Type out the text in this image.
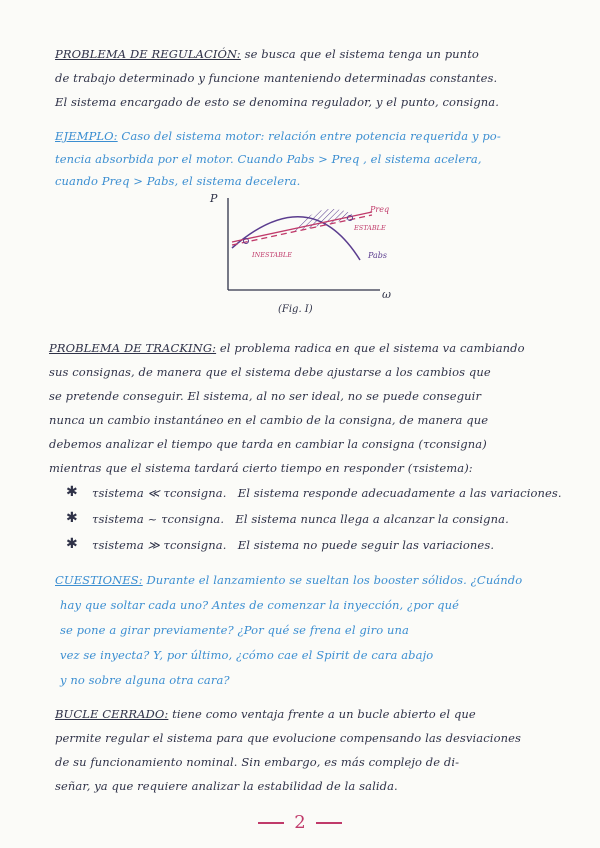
PROBLEMA DE REGULACIÓN: se busca que el sistema tenga un punto
de trabajo determinado y funcione manteniendo determinadas constantes.
El sistema encargado de esto se denomina regulador, y el punto, consigna.
EJEMPLO: Caso del sistema motor: relación entre potencia requerida y po-
tencia absorbida por el motor. Cuando Pabs > Preq , el sistema acelera,
cuando Preq > Pabs, el sistema decelera.
P
ω
Preq
ESTABLE
INESTABLE	Pabs
(Fig. I)
PROBLEMA DE TRACKING: el problema radica en que el sistema va cambiando
sus consignas, de manera que el sistema debe ajustarse a los cambios que
se pretende conseguir. El sistema, al no ser ideal, no se puede conseguir
nunca un cambio instantáneo en el cambio de la consigna, de manera que
debemos analizar el tiempo que tarda en cambiar la consigna (τconsigna)
mientras que el sistema tardará cierto tiempo en responder (τsistema):
✱ τsistema ≪ τconsigna. El sistema responde adecuadamente a las variaciones.
✱ τsistema ~ τconsigna. El sistema nunca llega a alcanzar la consigna.
✱ τsistema ≫ τconsigna. El sistema no puede seguir las variaciones.
CUESTIONES: Durante el lanzamiento se sueltan los booster sólidos. ¿Cuándo
hay que soltar cada uno? Antes de comenzar la inyección, ¿por qué
se pone a girar previamente? ¿Por qué se frena el giro una
vez se inyecta? Y, por último, ¿cómo cae el Spirit de cara abajo
y no sobre alguna otra cara?
BUCLE CERRADO: tiene como ventaja frente a un bucle abierto el que
permite regular el sistema para que evolucione compensando las desviaciones
de su funcionamiento nominal. Sin embargo, es más complejo de di-
señar, ya que requiere analizar la estabilidad de la salida.
2
